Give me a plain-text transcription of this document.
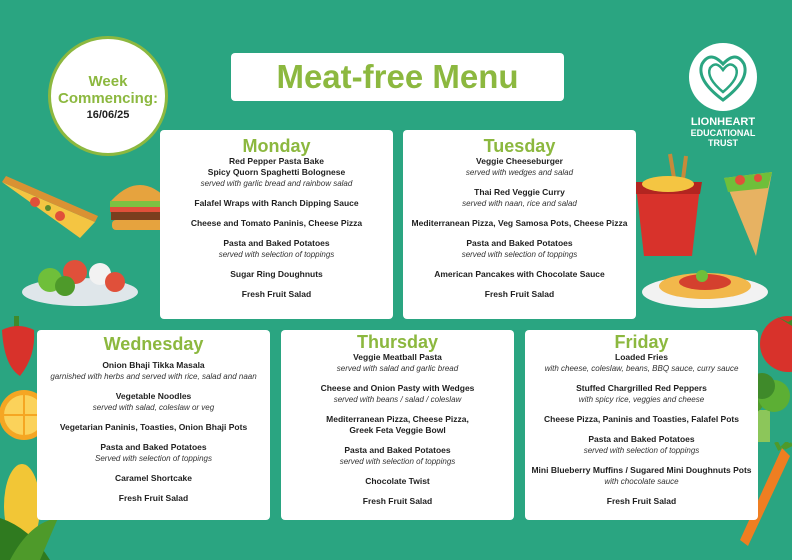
Week Commencing:
16/06/25
Meat-free Menu
LIONHEART
EDUCATIONAL
TRUST
Monday
Red Pepper Pasta Bake
Spicy Quorn Spaghetti Bolognese
served with garlic bread and rainbow salad
Falafel Wraps with Ranch Dipping Sauce
Cheese and Tomato Paninis, Cheese Pizza
Pasta and Baked Potatoes
served with selection of toppings
Sugar Ring Doughnuts
Fresh Fruit Salad
Tuesday
Veggie Cheeseburger
served with wedges and salad
Thai Red Veggie Curry
served with naan, rice and salad
Mediterranean Pizza, Veg Samosa Pots, Cheese Pizza
Pasta and Baked Potatoes
served with selection of toppings
American Pancakes with Chocolate Sauce
Fresh Fruit Salad
Wednesday
Onion Bhaji Tikka Masala
garnished with herbs and served with rice, salad and naan
Vegetable Noodles
served with salad, coleslaw or veg
Vegetarian Paninis, Toasties, Onion Bhaji Pots
Pasta and Baked Potatoes
Served with selection of toppings
Caramel Shortcake
Fresh Fruit Salad
Thursday
Veggie Meatball Pasta
served with salad and garlic bread
Cheese and Onion Pasty with Wedges
served with beans / salad / coleslaw
Mediterranean Pizza, Cheese Pizza,
Greek Feta Veggie Bowl
Pasta and Baked Potatoes
served with selection of toppings
Chocolate Twist
Fresh Fruit Salad
Friday
Loaded Fries
with cheese, coleslaw, beans, BBQ sauce, curry sauce
Stuffed Chargrilled Red Peppers
with spicy rice, veggies and cheese
Cheese Pizza, Paninis and Toasties, Falafel Pots
Pasta and Baked Potatoes
served with selection of toppings
Mini Blueberry Muffins / Sugared Mini Doughnuts Pots
with chocolate sauce
Fresh Fruit Salad
